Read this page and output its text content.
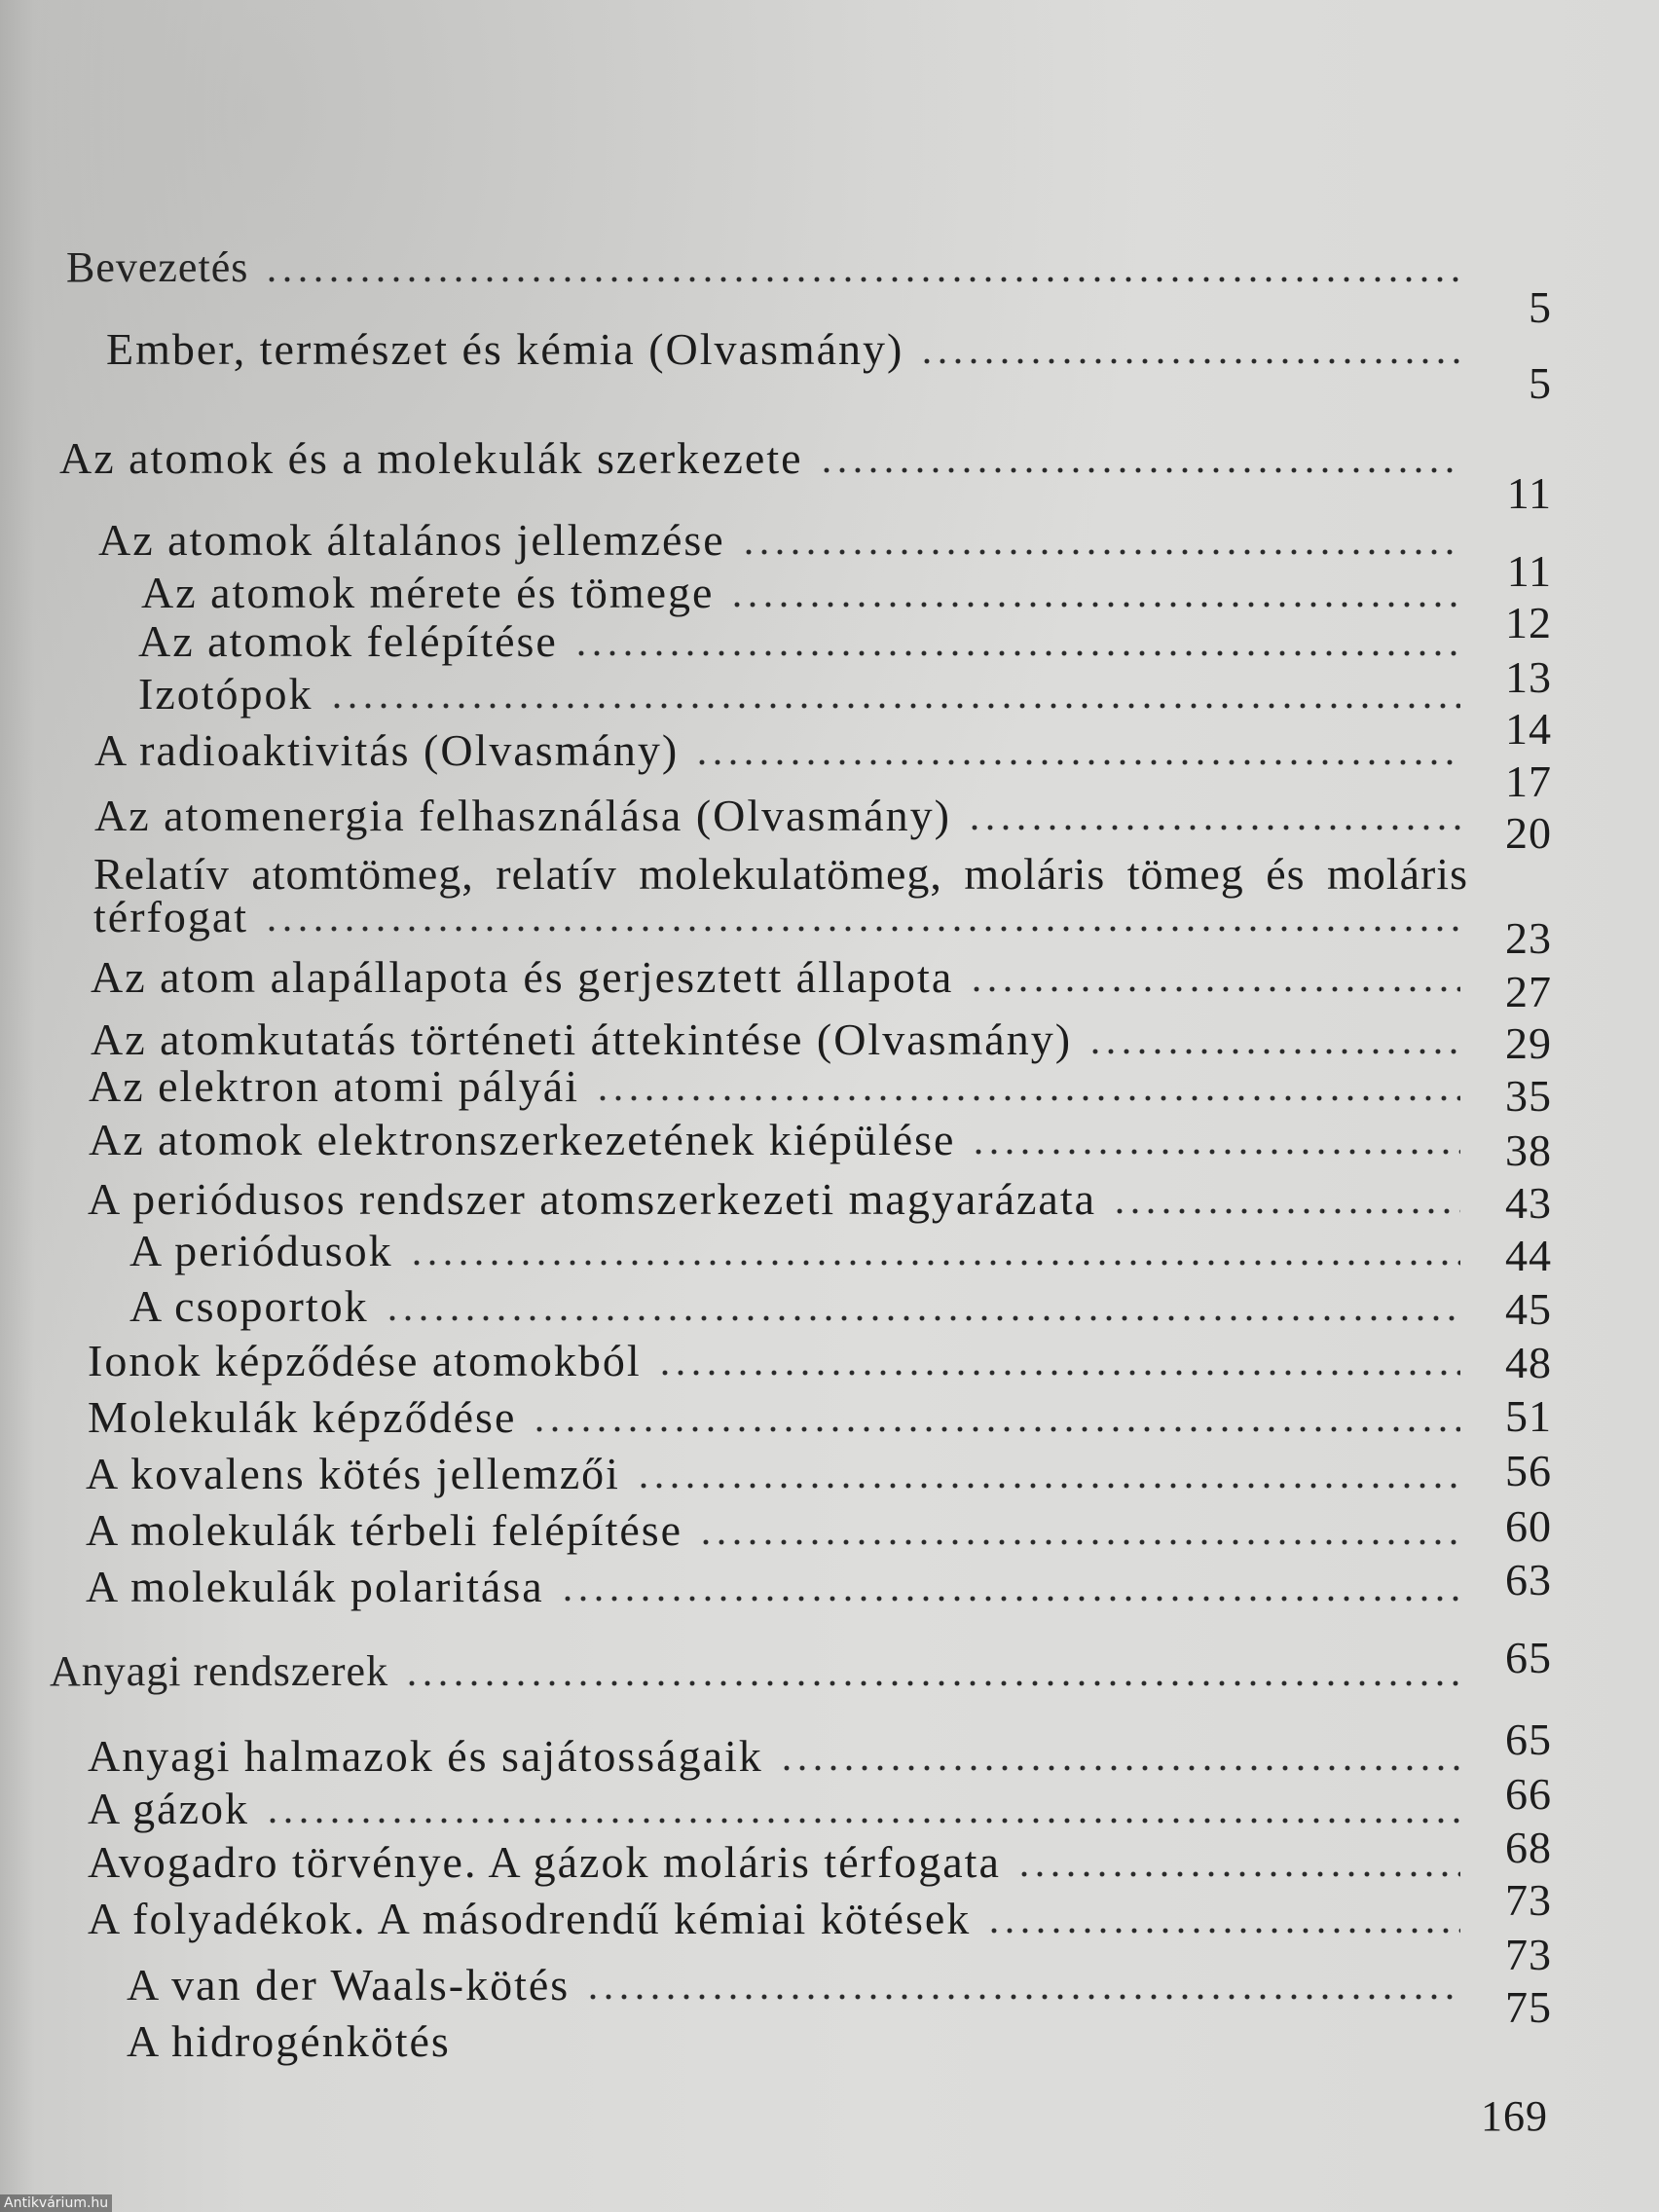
Bevezetés
5
Ember, természet és kémia (Olvasmány)
5
Az atomok és a molekulák szerkezete
11
Az atomok általános jellemzése
11
Az atomok mérete és tömege
12
Az atomok felépítése
13
Izotópok
14
A radioaktivitás (Olvasmány)
17
Az atomenergia felhasználása (Olvasmány)	20
Relatív atomtömeg, relatív molekulatömeg, moláris tömeg és moláris
térfogat	23
Az atom alapállapota és gerjesztett állapota	27
Az atomkutatás történeti áttekintése (Olvasmány)	29
Az elektron atomi pályái	35
Az atomok elektronszerkezetének kiépülése	38
A periódusos rendszer atomszerkezeti magyarázata	43
A periódusok	44
A csoportok	45
Ionok képződése atomokból	48
Molekulák képződése	51
A kovalens kötés jellemzői	56
A molekulák térbeli felépítése	60
A molekulák polaritása	63
Anyagi rendszerek	65
Anyagi halmazok és sajátosságaik	65
A gázok	66
Avogadro törvénye. A gázok moláris térfogata	68
A folyadékok. A másodrendű kémiai kötések	73
A van der Waals-kötés
73
A hidrogénkötés
75
169
Antikvárium.hu
